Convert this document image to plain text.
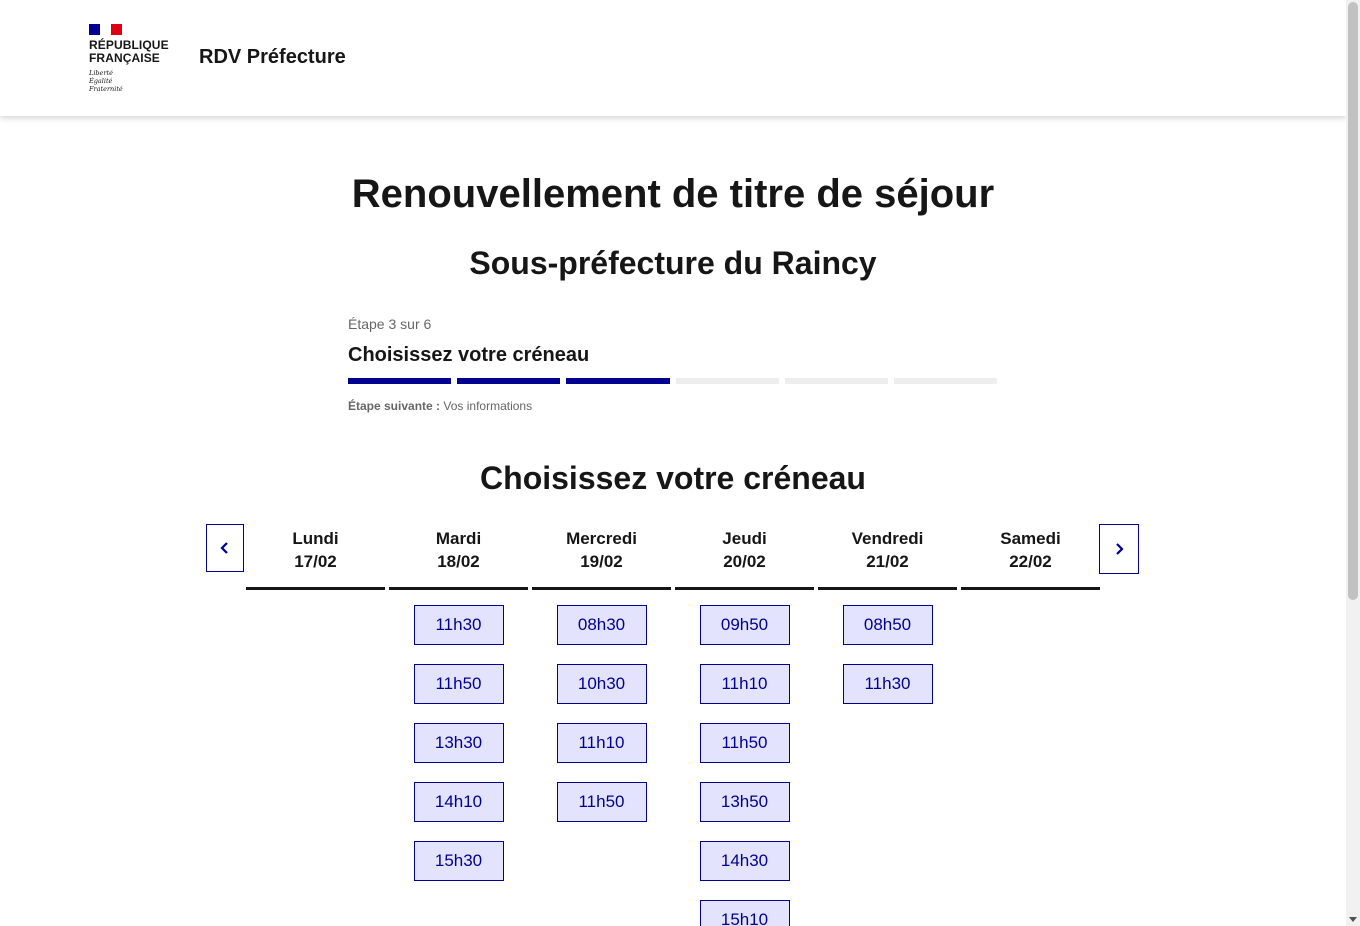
RÉPUBLIQUE
FRANÇAISE
Liberté
Égalité
Fraternité
RDV Préfecture
Renouvellement de titre de séjour
Sous-préfecture du Raincy
Étape 3 sur 6
Choisissez votre créneau
Étape suivante : Vos informations
Choisissez votre créneau
Lundi
17/02
Mardi
18/02
11h30
11h50
13h30
14h10
15h30
Mercredi
19/02
08h30
10h30
11h10
11h50
Jeudi
20/02
09h50
11h10
11h50
13h50
14h30
15h10
Vendredi
21/02
08h50
11h30
Samedi
22/02
